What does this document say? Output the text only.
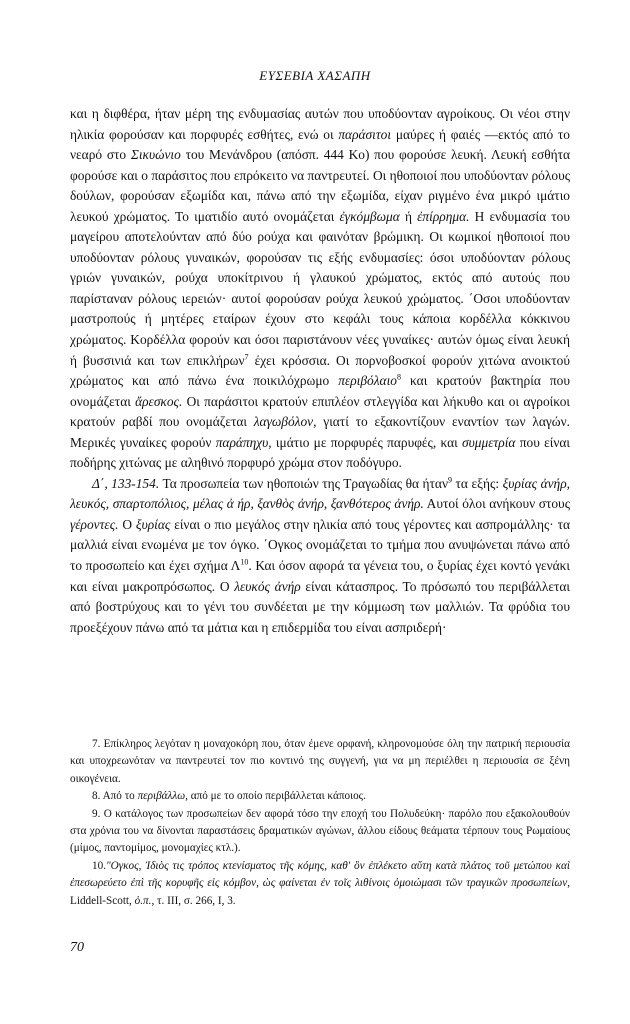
ΕΥΣΕΒΙΑ ΧΑΣΑΠΗ

και η διφθέρα, ήταν μέρη της ενδυμασίας αυτών που υποδύονταν αγροίκους. Οι νέοι στην ηλικία φορούσαν και πορφυρές εσθήτες, ενώ οι παράσιτοι μαύρες ή φαιές —εκτός από το νεαρό στο Σικυώνιο του Μενάνδρου (απόσπ. 444 Ko) που φορούσε λευκή. Λευκή εσθήτα φορούσε και ο παράσιτος που επρόκειτο να παντρευτεί. Οι ηθοποιοί που υποδύονταν ρόλους δούλων, φορούσαν εξωμίδα και, πάνω από την εξωμίδα, είχαν ριγμένο ένα μικρό ιμάτιο λευκού χρώματος. Το ιματιδίο αυτό ονομάζεται ἐγκόμβωμα ή ἐπίρρημα. Η ενδυμασία του μαγείρου αποτελούνταν από δύο ρούχα και φαινόταν βρώμικη. Οι κωμικοί ηθοποιοί που υποδύονταν ρόλους γυναικών, φορούσαν τις εξής ενδυμασίες: όσοι υποδύονταν ρόλους γριών γυναικών, ρούχα υποκίτρινου ή γλαυκού χρώματος, εκτός από αυτούς που παρίσταναν ρόλους ιερειών· αυτοί φορούσαν ρούχα λευκού χρώματος. ΄Οσοι υποδύονταν μαστροπούς ή μητέρες εταίρων έχουν στο κεφάλι τους κάποια κορδέλλα κόκκινου χρώματος. Κορδέλλα φορούν και όσοι παριστάνουν νέες γυναίκες· αυτών όμως είναι λευκή ή βυσσινιά και των επικλήρων$^7$ έχει κρόσσια. Οι πορνοβοσκοί φορούν χιτώνα ανοικτού χρώματος και από πάνω ένα ποικιλόχρωμο περιβόλαιο$^8$ και κρατούν βακτηρία που ονομάζεται ἄρεσκος. Οι παράσιτοι κρατούν επιπλέον στλεγγίδα και λήκυθο και οι αγροίκοι κρατούν ραβδί που ονομάζεται λαγωβόλον, γιατί το εξακοντίζουν εναντίον των λαγών. Μερικές γυναίκες φορούν παράπηχυ, ιμάτιο με πορφυρές παρυφές, και συμμετρία που είναι ποδήρης χιτώνας με αληθινό πορφυρό χρώμα στον ποδόγυρο.

Δ΄, 133-154. Τα προσωπεία των ηθοποιών της Τραγωδίας θα ήταν$^9$ τα εξής: ξυρίας ἀνήρ, λευκός, σπαρτοπόλιος, μέλας ἀ ήρ, ξανθὸς ἀνήρ, ξανθότερος ἀνήρ. Αυτοί όλοι ανήκουν στους γέροντες. Ο ξυρίας είναι ο πιο μεγάλος στην ηλικία από τους γέροντες και ασπρομάλλης· τα μαλλιά είναι ενωμένα με τον όγκο. ΄Ογκος ονομάζεται το τμήμα που ανυψώνεται πάνω από το προσωπείο και έχει σχήμα $\Lambda^{10}$. Και όσον αφορά τα γένεια του, ο ξυρίας έχει κοντό γενάκι και είναι μακροπρόσωπος. Ο λευκός ἀνήρ είναι κάτασπρος. Το πρόσωπό του περιβάλλεται από βοστρύχους και το γένι του συνδέεται με την κόμμωση των μαλλιών. Τα φρύδια του προεξέχουν πάνω από τα μάτια και η επιδερμίδα του είναι ασπριδερή·

7. Επίκληρος λεγόταν η μοναχοκόρη που, όταν έμενε ορφανή, κληρονομούσε όλη την πατρική περιουσία και υποχρεωνόταν να παντρευτεί τον πιο κοντινό της συγγενή, για να μη περιέλθει η περιουσία σε ξένη οικογένεια.

8. Από το περιβάλλω, από με το οποίο περιβάλλεται κάποιος.

9. Ο κατάλογος των προσωπείων δεν αφορά τόσο την εποχή του Πολυδεύκη· παρόλο που εξακολουθούν στα χρόνια του να δίνονται παραστάσεις δραματικών αγώνων, άλλου είδους θεάματα τέρπουν τους Ρωμαίους (μίμος, παντομίμος, μονομαχίες κτλ.).

10."Ογκος, Ἰδιὸς τις τρόπος κτενίσματος τῆς κόμης, καθ' ὃν ἐπλέκετο αὕτη κατὰ πλάτος τοῦ μετώπου καὶ ἐπεσωρεύετο ἐπὶ τῆς κορυφῆς εἰς κόμβον, ὡς φαίνεται ἐν τοῖς λιθίνοις ὁμοιώμασι τῶν τραγικῶν προσωπείων, Liddell-Scott, ὁ.π., τ. III, σ. 266, I, 3.

70
